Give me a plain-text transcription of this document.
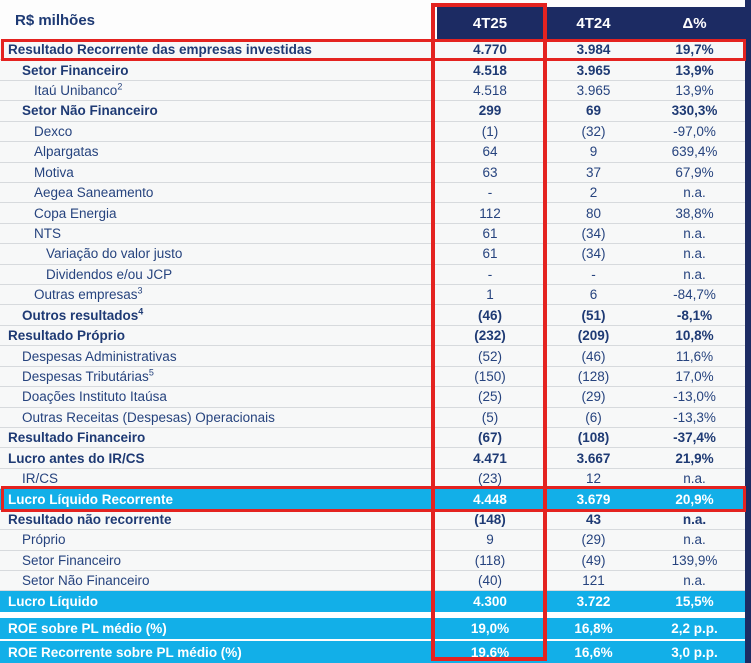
R$ milhões	4T25	4T24	Δ%
Resultado Recorrente das empresas investidas	4.770	3.984	19,7%
Setor Financeiro	4.518	3.965	13,9%
Itaú Unibanco$^2$	4.518	3.965	13,9%
Setor Não Financeiro	299	69	330,3%
Dexco	(1)	(32)	-97,0%
Alpargatas	64	9	639,4%
Motiva	63	37	67,9%
Aegea Saneamento	-	2	n.a.
Copa Energia	112	80	38,8%
NTS	61	(34)	n.a.
Variação do valor justo	61	(34)	n.a.
Dividendos e/ou JCP	-	-	n.a.
Outras empresas$^3$	1	6	-84,7%
Outros resultados$^4$	(46)	(51)	-8,1%
Resultado Próprio	(232)	(209)	10,8%
Despesas Administrativas	(52)	(46)	11,6%
Despesas Tributárias$^5$	(150)	(128)	17,0%
Doações Instituto Itaúsa	(25)	(29)	-13,0%
Outras Receitas (Despesas) Operacionais	(5)	(6)	-13,3%
Resultado Financeiro	(67)	(108)	-37,4%
Lucro antes do IR/CS	4.471	3.667	21,9%
IR/CS	(23)	12	n.a.
Lucro Líquido Recorrente	4.448	3.679	20,9%
Resultado não recorrente	(148)	43	n.a.
Próprio	9	(29)	n.a.
Setor Financeiro	(118)	(49)	139,9%
Setor Não Financeiro	(40)	121	n.a.
Lucro Líquido	4.300	3.722	15,5%
ROE sobre PL médio (%)	19,0%	16,8%	2,2 p.p.
ROE Recorrente sobre PL médio (%)	19,6%	16,6%	3,0 p.p.
